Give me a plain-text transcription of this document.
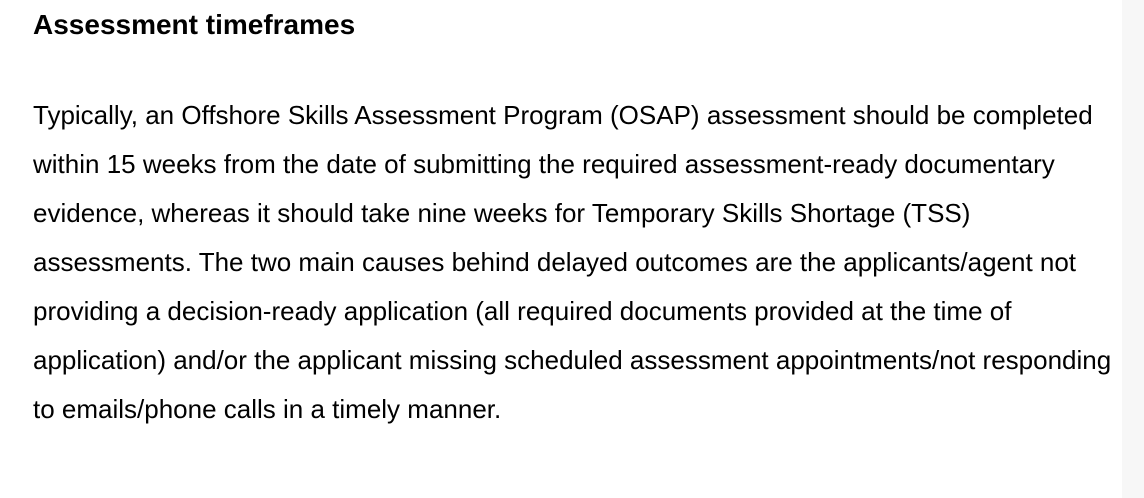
Assessment timeframes

Typically, an Offshore Skills Assessment Program (OSAP) assessment should be completed within 15 weeks from the date of submitting the required assessment-ready documentary evidence, whereas it should take nine weeks for Temporary Skills Shortage (TSS) assessments. The two main causes behind delayed outcomes are the applicants/agent not providing a decision-ready application (all required documents provided at the time of application) and/or the applicant missing scheduled assessment appointments/not responding to emails/phone calls in a timely manner.
